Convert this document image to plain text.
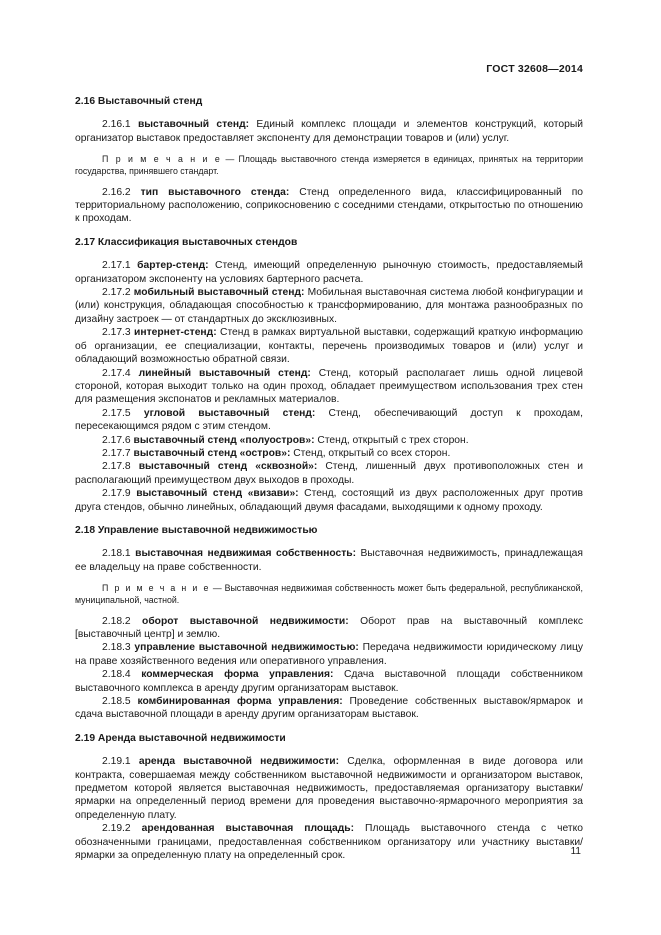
ГОСТ 32608—2014

2.16 Выставочный стенд

2.16.1 выставочный стенд: Единый комплекс площади и элементов конструкций, который организатор выставок предоставляет экспоненту для демонстрации товаров и (или) услуг.

П р и м е ч а н и е — Площадь выставочного стенда измеряется в единицах, принятых на территории государства, принявшего стандарт.

2.16.2 тип выставочного стенда: Стенд определенного вида, классифицированный по территориальному расположению, соприкосновению с соседними стендами, открытостью по отношению к проходам.

2.17 Классификация выставочных стендов

2.17.1 бартер-стенд: Стенд, имеющий определенную рыночную стоимость, предоставляемый организатором экспоненту на условиях бартерного расчета.

2.17.2 мобильный выставочный стенд: Мобильная выставочная система любой конфигурации и (или) конструкция, обладающая способностью к трансформированию, для монтажа разнообразных по дизайну застроек — от стандартных до эксклюзивных.

2.17.3 интернет-стенд: Стенд в рамках виртуальной выставки, содержащий краткую информацию об организации, ее специализации, контакты, перечень производимых товаров и (или) услуг и обладающий возможностью обратной связи.

2.17.4 линейный выставочный стенд: Стенд, который располагает лишь одной лицевой стороной, которая выходит только на один проход, обладает преимуществом использования трех стен для размещения экспонатов и рекламных материалов.

2.17.5 угловой выставочный стенд: Стенд, обеспечивающий доступ к проходам, пересекающимся рядом с этим стендом.

2.17.6 выставочный стенд «полуостров»: Стенд, открытый с трех сторон.

2.17.7 выставочный стенд «остров»: Стенд, открытый со всех сторон.

2.17.8 выставочный стенд «сквозной»: Стенд, лишенный двух противоположных стен и располагающий преимуществом двух выходов в проходы.

2.17.9 выставочный стенд «визави»: Стенд, состоящий из двух расположенных друг против друга стендов, обычно линейных, обладающий двумя фасадами, выходящими к одному проходу.

2.18 Управление выставочной недвижимостью

2.18.1 выставочная недвижимая собственность: Выставочная недвижимость, принадлежащая ее владельцу на праве собственности.

П р и м е ч а н и е — Выставочная недвижимая собственность может быть федеральной, республиканской, муниципальной, частной.

2.18.2 оборот выставочной недвижимости: Оборот прав на выставочный комплекс [выставочный центр] и землю.

2.18.3 управление выставочной недвижимостью: Передача недвижимости юридическому лицу на праве хозяйственного ведения или оперативного управления.

2.18.4 коммерческая форма управления: Сдача выставочной площади собственником выставочного комплекса в аренду другим организаторам выставок.

2.18.5 комбинированная форма управления: Проведение собственных выставок/ярмарок и сдача выставочной площади в аренду другим организаторам выставок.

2.19 Аренда выставочной недвижимости

2.19.1 аренда выставочной недвижимости: Сделка, оформленная в виде договора или контракта, совершаемая между собственником выставочной недвижимости и организатором выставок, предметом которой является выставочная недвижимость, предоставляемая организатору выставки/ярмарки на определенный период времени для проведения выставочно-ярмарочного мероприятия за определенную плату.

2.19.2 арендованная выставочная площадь: Площадь выставочного стенда с четко обозначенными границами, предоставленная собственником организатору или участнику выставки/ярмарки за определенную плату на определенный срок.	11
